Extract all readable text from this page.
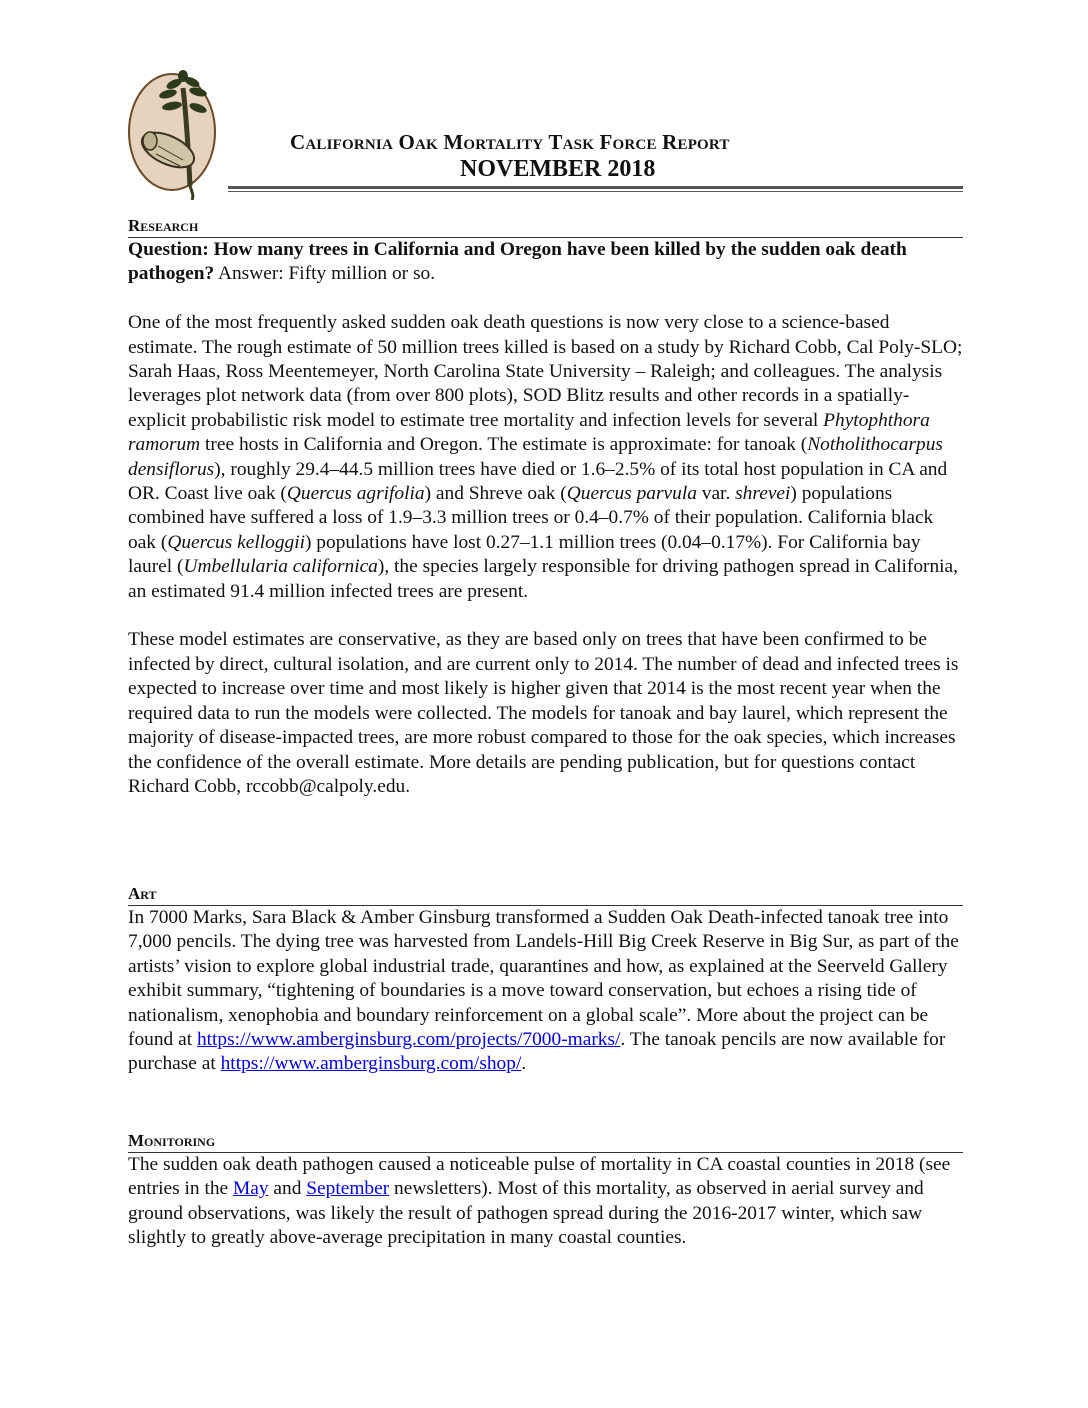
California Oak Mortality Task Force Report
NOVEMBER 2018
Research

Question: How many trees in California and Oregon have been killed by the sudden oak death pathogen? Answer: Fifty million or so.

One of the most frequently asked sudden oak death questions is now very close to a science-based estimate. The rough estimate of 50 million trees killed is based on a study by Richard Cobb, Cal Poly-SLO; Sarah Haas, Ross Meentemeyer, North Carolina State University – Raleigh; and colleagues. The analysis leverages plot network data (from over 800 plots), SOD Blitz results and other records in a spatially-explicit probabilistic risk model to estimate tree mortality and infection levels for several Phytophthora ramorum tree hosts in California and Oregon. The estimate is approximate: for tanoak (Notholithocarpus densiflorus), roughly 29.4–44.5 million trees have died or 1.6–2.5% of its total host population in CA and OR. Coast live oak (Quercus agrifolia) and Shreve oak (Quercus parvula var. shrevei) populations combined have suffered a loss of 1.9–3.3 million trees or 0.4–0.7% of their population. California black oak (Quercus kelloggii) populations have lost 0.27–1.1 million trees (0.04–0.17%). For California bay laurel (Umbellularia californica), the species largely responsible for driving pathogen spread in California, an estimated 91.4 million infected trees are present.

These model estimates are conservative, as they are based only on trees that have been confirmed to be infected by direct, cultural isolation, and are current only to 2014. The number of dead and infected trees is expected to increase over time and most likely is higher given that 2014 is the most recent year when the required data to run the models were collected. The models for tanoak and bay laurel, which represent the majority of disease-impacted trees, are more robust compared to those for the oak species, which increases the confidence of the overall estimate. More details are pending publication, but for questions contact Richard Cobb, rccobb@calpoly.edu.

Art

In 7000 Marks, Sara Black & Amber Ginsburg transformed a Sudden Oak Death-infected tanoak tree into 7,000 pencils. The dying tree was harvested from Landels-Hill Big Creek Reserve in Big Sur, as part of the artists’ vision to explore global industrial trade, quarantines and how, as explained at the Seerveld Gallery exhibit summary, “tightening of boundaries is a move toward conservation, but echoes a rising tide of nationalism, xenophobia and boundary reinforcement on a global scale”. More about the project can be found at https://www.amberginsburg.com/projects/7000-marks/. The tanoak pencils are now available for purchase at https://www.amberginsburg.com/shop/.

Monitoring

The sudden oak death pathogen caused a noticeable pulse of mortality in CA coastal counties in 2018 (see entries in the May and September newsletters). Most of this mortality, as observed in aerial survey and ground observations, was likely the result of pathogen spread during the 2016-2017 winter, which saw slightly to greatly above-average precipitation in many coastal counties.
